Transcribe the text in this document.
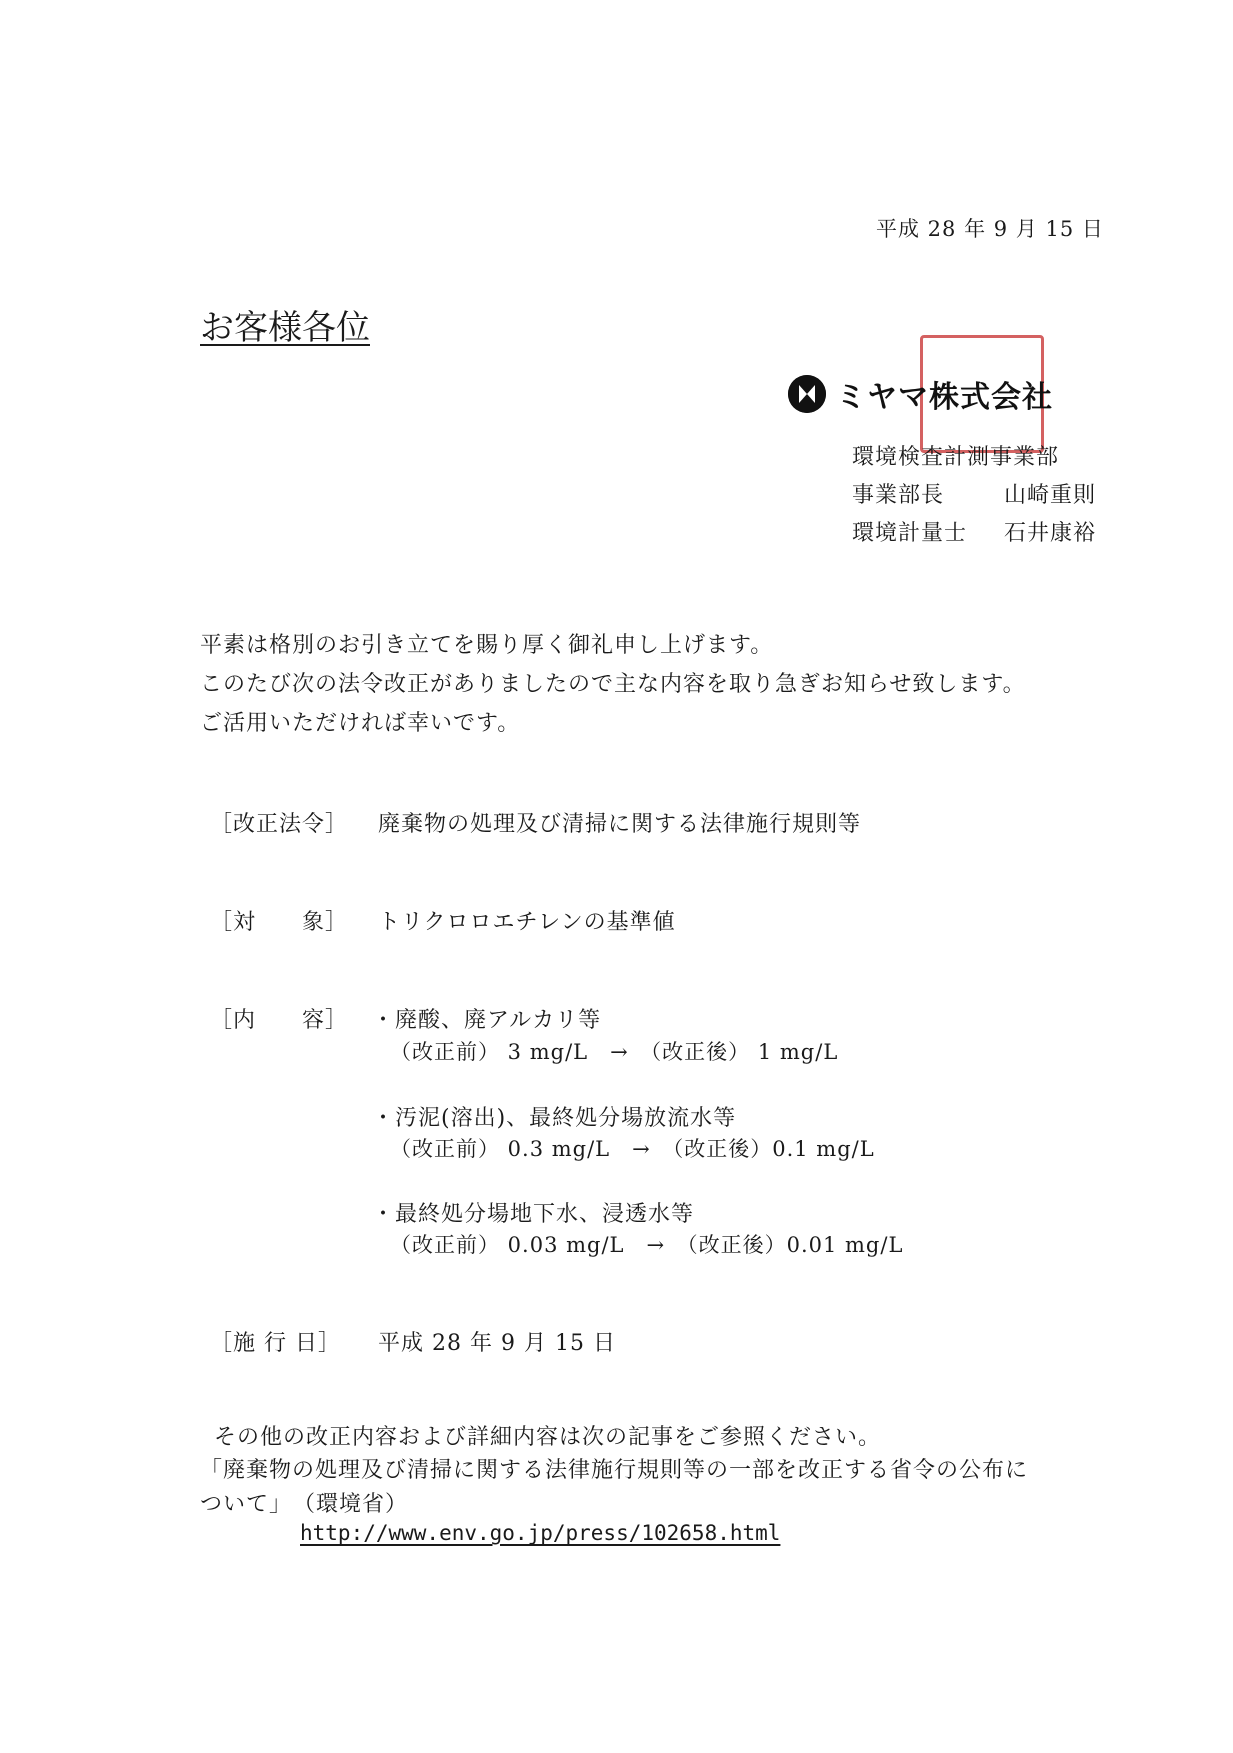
平成 28 年 9 月 15 日
お客様各位
ミヤマ株式会社
環境検査計測事業部
事業部長	山崎重則
環境計量士 石井康裕
平素は格別のお引き立てを賜り厚く御礼申し上げます。
このたび次の法令改正がありましたので主な内容を取り急ぎお知らせ致します。
ご活用いただければ幸いです。
［改正法令］ 廃棄物の処理及び清掃に関する法律施行規則等
［対　　象］ トリクロロエチレンの基準値
［内　　容］ ・廃酸、廃アルカリ等
（改正前） 3 mg/L　→　（改正後） 1 mg/L
・汚泥(溶出)、最終処分場放流水等
（改正前） 0.3 mg/L　→　（改正後）0.1 mg/L
・最終処分場地下水、浸透水等
（改正前） 0.03 mg/L　→　（改正後）0.01 mg/L
［施 行 日］ 平成 28 年 9 月 15 日
その他の改正内容および詳細内容は次の記事をご参照ください。
「廃棄物の処理及び清掃に関する法律施行規則等の一部を改正する省令の公布に
ついて」　（環境省）
http://www.env.go.jp/press/102658.html
